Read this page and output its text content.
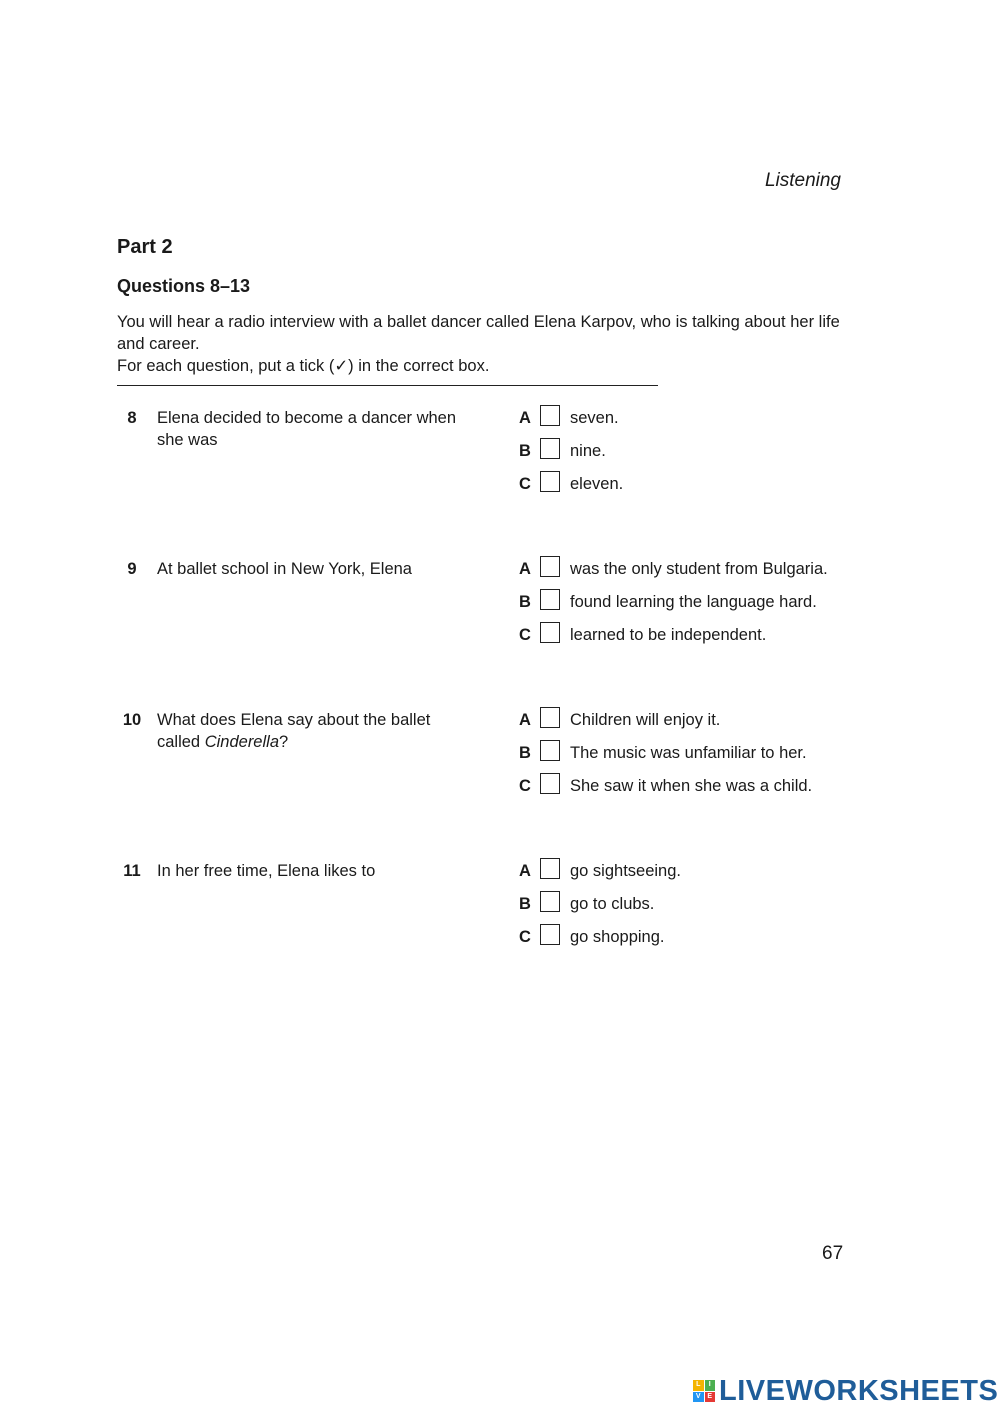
Listening
Part 2
Questions 8–13

You will hear a radio interview with a ballet dancer called Elena Karpov, who is talking about her life and career.

For each question, put a tick (✓) in the correct box.

8	Elena decided to become a dancer when she was
A seven.
B nine.
C eleven.
9	At ballet school in New York, Elena	A was the only student from Bulgaria.
B found learning the language hard.
C learned to be independent.
10 What does Elena say about the ballet called Cinderella?
A Children will enjoy it.
B The music was unfamiliar to her.
C She saw it when she was a child.
11 In her free time, Elena likes to	A go sightseeing.
B go to clubs.
C go shopping.
67
L	I
V E LIVEWORKSHEETS
